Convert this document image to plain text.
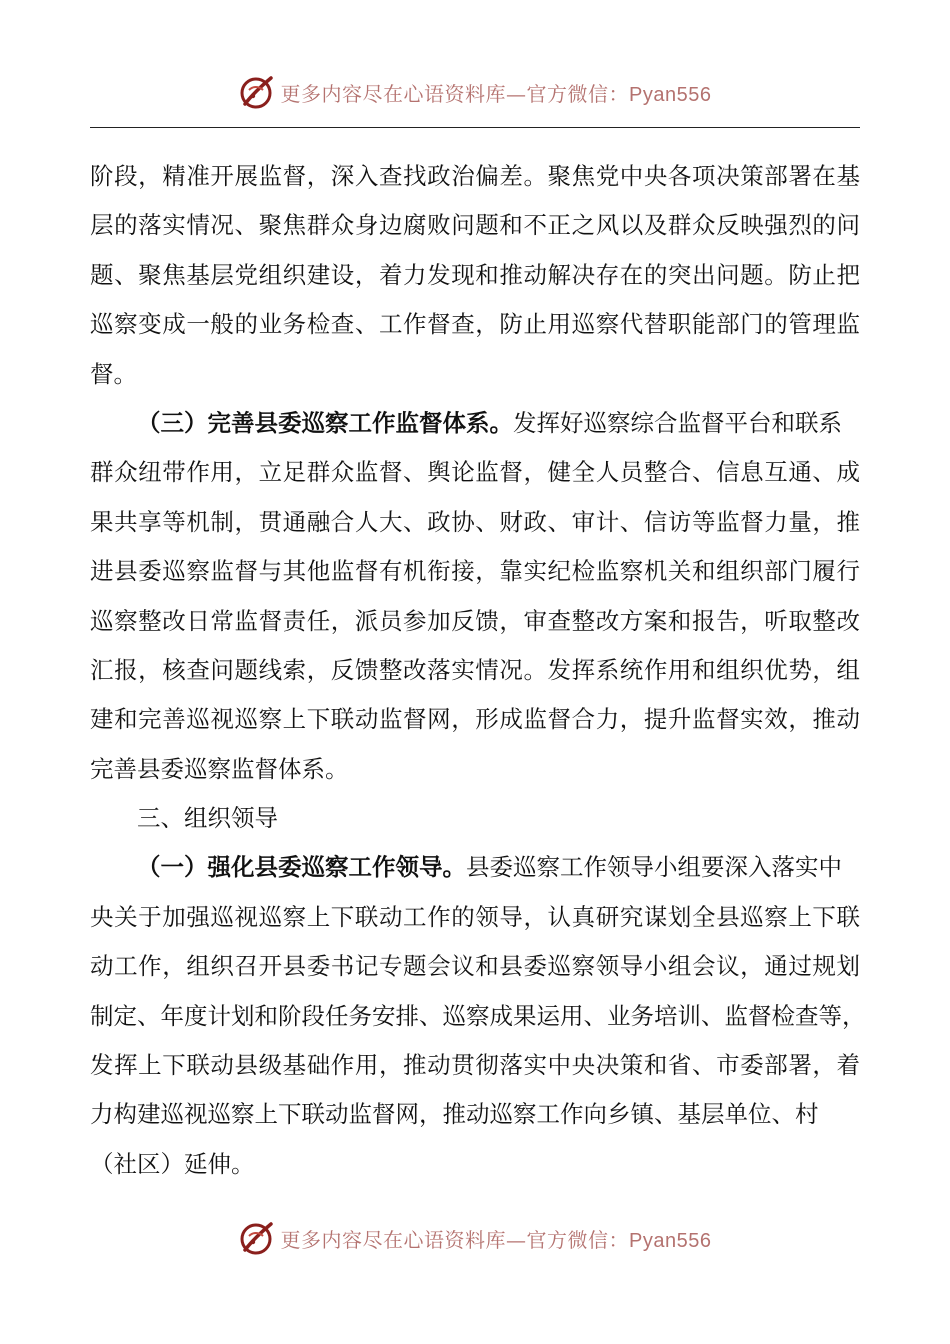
更多内容尽在心语资料库—官方微信：Pyan556
阶段，精准开展监督，深入查找政治偏差。聚焦党中央各项决策部署在基
层的落实情况、聚焦群众身边腐败问题和不正之风以及群众反映强烈的问
题、聚焦基层党组织建设，着力发现和推动解决存在的突出问题。防止把
巡察变成一般的业务检查、工作督查，防止用巡察代替职能部门的管理监
督。
（三）完善县委巡察工作监督体系。发挥好巡察综合监督平台和联系
群众纽带作用，立足群众监督、舆论监督，健全人员整合、信息互通、成
果共享等机制，贯通融合人大、政协、财政、审计、信访等监督力量，推
进县委巡察监督与其他监督有机衔接，靠实纪检监察机关和组织部门履行
巡察整改日常监督责任，派员参加反馈，审查整改方案和报告，听取整改
汇报，核查问题线索，反馈整改落实情况。发挥系统作用和组织优势，组
建和完善巡视巡察上下联动监督网，形成监督合力，提升监督实效，推动
完善县委巡察监督体系。
三、组织领导
（一）强化县委巡察工作领导。县委巡察工作领导小组要深入落实中
央关于加强巡视巡察上下联动工作的领导，认真研究谋划全县巡察上下联
动工作，组织召开县委书记专题会议和县委巡察领导小组会议，通过规划
制定、年度计划和阶段任务安排、巡察成果运用、业务培训、监督检查等，
发挥上下联动县级基础作用，推动贯彻落实中央决策和省、市委部署，着
力构建巡视巡察上下联动监督网，推动巡察工作向乡镇、基层单位、村
（社区）延伸。
更多内容尽在心语资料库—官方微信：Pyan556
